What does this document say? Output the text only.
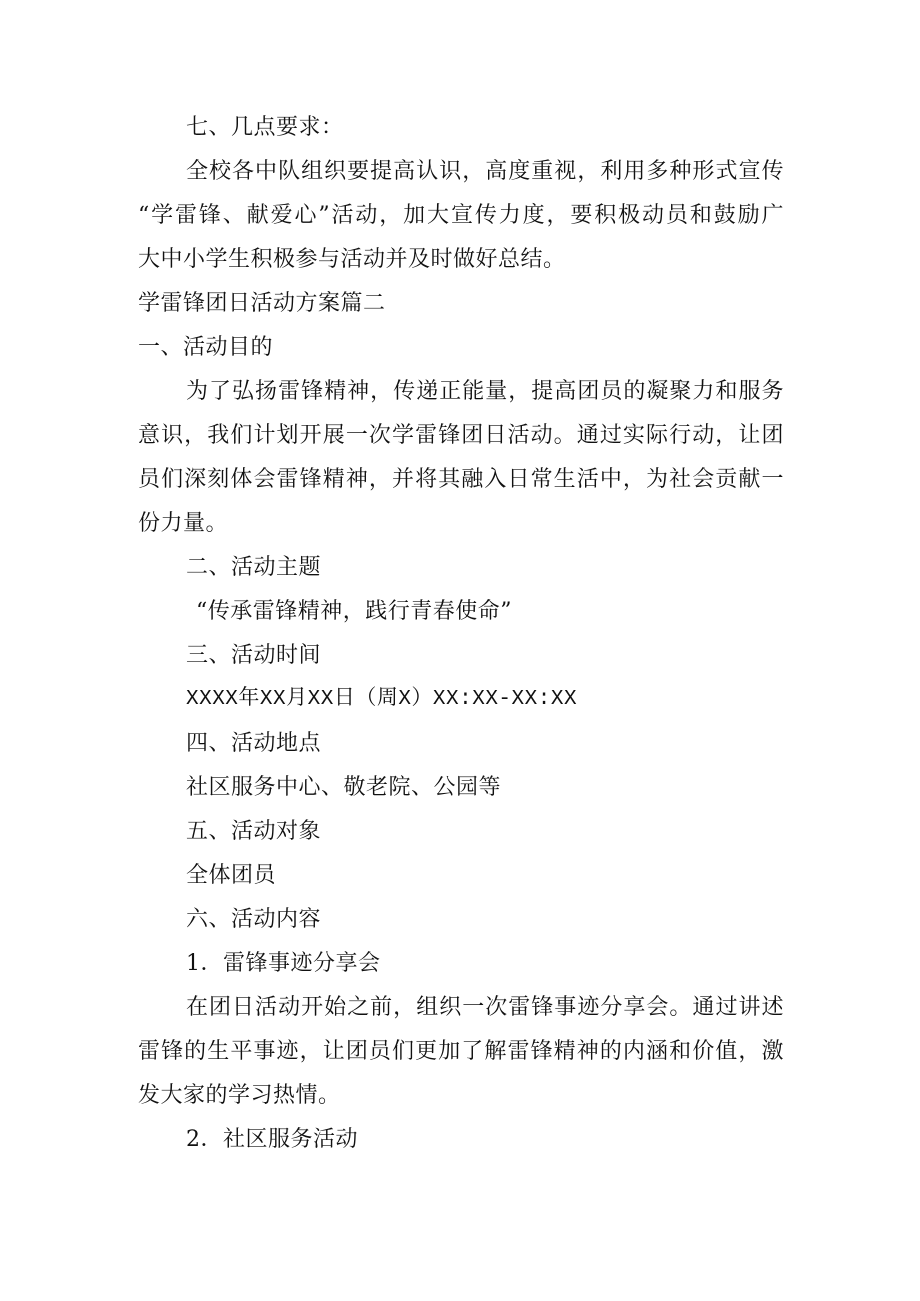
七、几点要求：
全校各中队组织要提高认识，高度重视，利用多种形式宣传
“学雷锋、献爱心”活动，加大宣传力度，要积极动员和鼓励广
大中小学生积极参与活动并及时做好总结。
学雷锋团日活动方案篇二
一、活动目的
为了弘扬雷锋精神，传递正能量，提高团员的凝聚力和服务
意识，我们计划开展一次学雷锋团日活动。通过实际行动，让团
员们深刻体会雷锋精神，并将其融入日常生活中，为社会贡献一
份力量。
二、活动主题
“传承雷锋精神，践行青春使命”
三、活动时间
XXXX年XX月XX日（周X）XX:XX-XX:XX
四、活动地点
社区服务中心、敬老院、公园等
五、活动对象
全体团员
六、活动内容
1．雷锋事迹分享会
在团日活动开始之前，组织一次雷锋事迹分享会。通过讲述
雷锋的生平事迹，让团员们更加了解雷锋精神的内涵和价值，激
发大家的学习热情。
2．社区服务活动
